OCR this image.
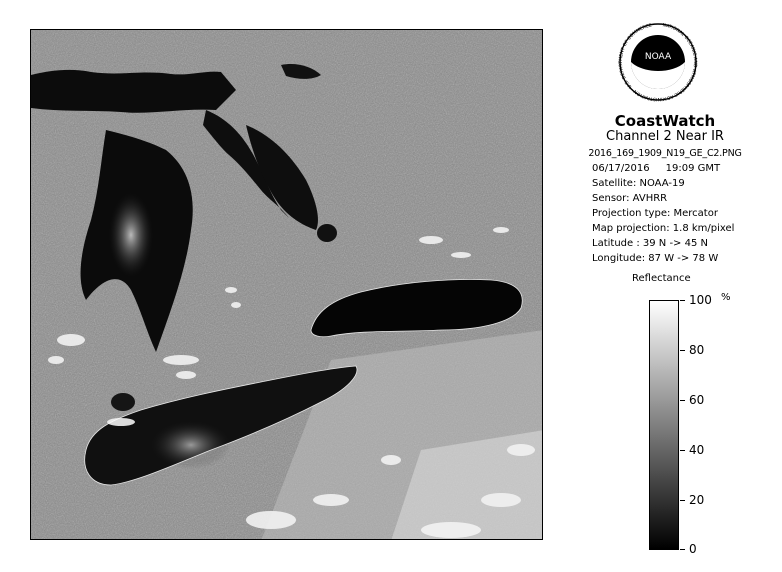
NOAA
NATIONAL OCEANIC AND ATMOSPHERIC ADMINISTRATION · U.S. DEPARTMENT OF COMMERCE
CoastWatch
Channel 2 Near IR
2016_169_1909_N19_GE_C2.PNG
06/17/2016 19:09 GMT
Satellite: NOAA-19
Sensor: AVHRR
Projection type: Mercator
Map projection: 1.8 km/pixel
Latitude : 39 N -> 45 N
Longitude: 87 W -> 78 W
Reflectance
%
100
80
60
40
20
0
